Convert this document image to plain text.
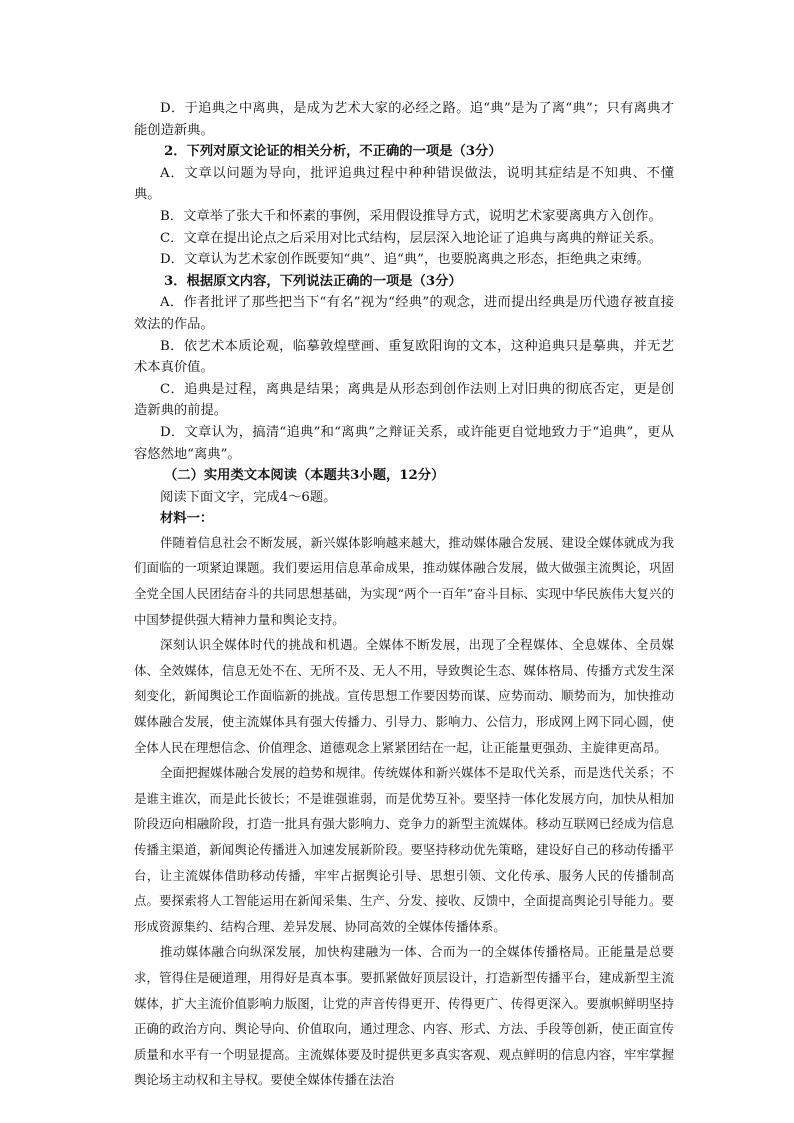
D．于追典之中离典，是成为艺术大家的必经之路。追“典”是为了离“典”；只有离典才能创造新典。

2．下列对原文论证的相关分析，不正确的一项是（3分）

A．文章以问题为导向，批评追典过程中种种错误做法，说明其症结是不知典、不懂典。

B．文章举了张大千和怀素的事例，采用假设推导方式，说明艺术家要离典方入创作。

C．文章在提出论点之后采用对比式结构，层层深入地论证了追典与离典的辩证关系。

D．文章认为艺术家创作既要知“典”、追“典”，也要脱离典之形态，拒绝典之束缚。

3．根据原文内容，下列说法正确的一项是（3分）

A．作者批评了那些把当下“有名”视为“经典”的观念，进而提出经典是历代遗存被直接效法的作品。

B．依艺术本质论观，临摹敦煌壁画、重复欧阳询的文本，这种追典只是摹典，并无艺术本真价值。

C．追典是过程，离典是结果；离典是从形态到创作法则上对旧典的彻底否定，更是创造新典的前提。

D．文章认为，搞清“追典”和“离典”之辩证关系，或许能更自觉地致力于“追典”，更从容悠然地“离典”。

（二）实用类文本阅读（本题共3小题，12分）

阅读下面文字，完成4～6题。

材料一：

伴随着信息社会不断发展，新兴媒体影响越来越大，推动媒体融合发展、建设全媒体就成为我们面临的一项紧迫课题。我们要运用信息革命成果，推动媒体融合发展，做大做强主流舆论，巩固全党全国人民团结奋斗的共同思想基础，为实现“两个一百年”奋斗目标、实现中华民族伟大复兴的中国梦提供强大精神力量和舆论支持。

深刻认识全媒体时代的挑战和机遇。全媒体不断发展，出现了全程媒体、全息媒体、全员媒体、全效媒体，信息无处不在、无所不及、无人不用，导致舆论生态、媒体格局、传播方式发生深刻变化，新闻舆论工作面临新的挑战。宣传思想工作要因势而谋、应势而动、顺势而为，加快推动媒体融合发展，使主流媒体具有强大传播力、引导力、影响力、公信力，形成网上网下同心圆，使全体人民在理想信念、价值理念、道德观念上紧紧团结在一起，让正能量更强劲、主旋律更高昂。

全面把握媒体融合发展的趋势和规律。传统媒体和新兴媒体不是取代关系，而是迭代关系；不是谁主谁次，而是此长彼长；不是谁强谁弱，而是优势互补。要坚持一体化发展方向，加快从相加阶段迈向相融阶段，打造一批具有强大影响力、竞争力的新型主流媒体。移动互联网已经成为信息传播主渠道，新闻舆论传播进入加速发展新阶段。要坚持移动优先策略，建设好自己的移动传播平台，让主流媒体借助移动传播，牢牢占据舆论引导、思想引领、文化传承、服务人民的传播制高点。要探索将人工智能运用在新闻采集、生产、分发、接收、反馈中，全面提高舆论引导能力。要形成资源集约、结构合理、差异发展、协同高效的全媒体传播体系。

推动媒体融合向纵深发展，加快构建融为一体、合而为一的全媒体传播格局。正能量是总要求，管得住是硬道理，用得好是真本事。要抓紧做好顶层设计，打造新型传播平台，建成新型主流媒体，扩大主流价值影响力版图，让党的声音传得更开、传得更广、传得更深入。要旗帜鲜明坚持正确的政治方向、舆论导向、价值取向，通过理念、内容、形式、方法、手段等创新，使正面宣传质量和水平有一个明显提高。主流媒体要及时提供更多真实客观、观点鲜明的信息内容，牢牢掌握舆论场主动权和主导权。要使全媒体传播在法治
